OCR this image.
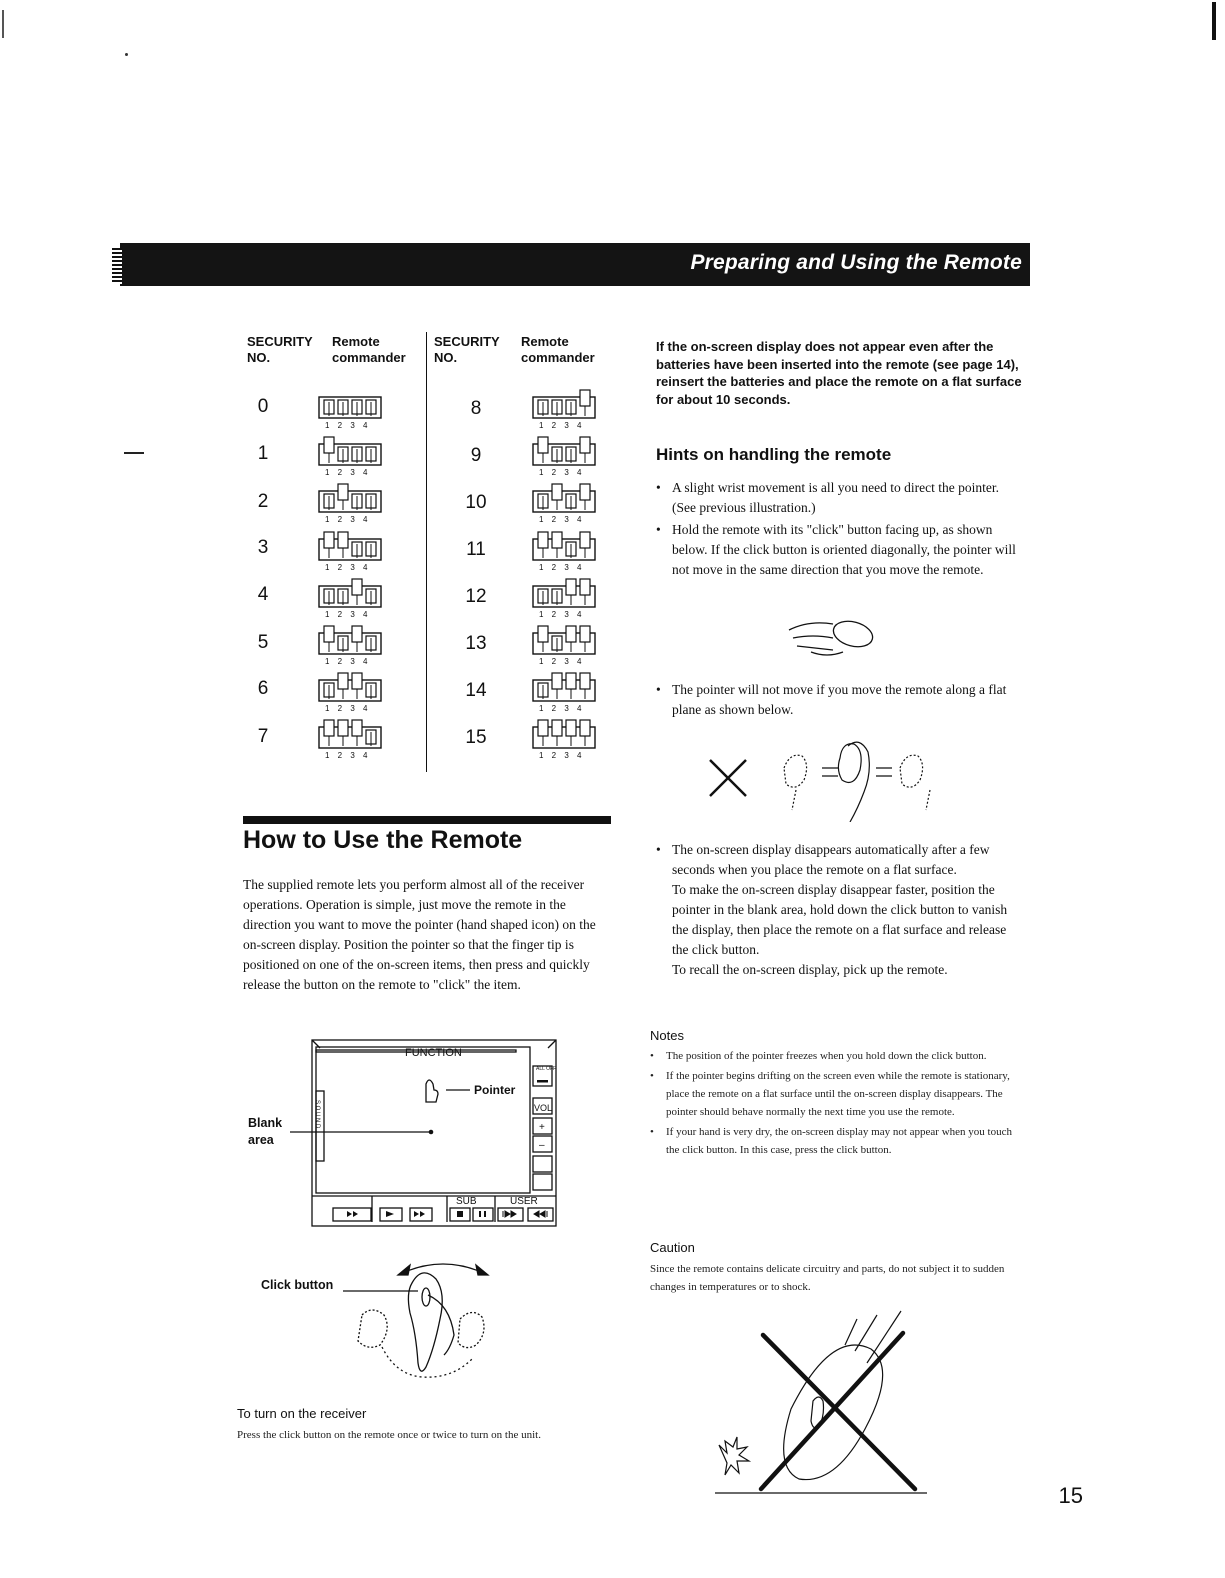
Preparing and Using the Remote
SECURITY
NO.
Remote
commander
SECURITY
NO.
Remote
commander
0
1
2
3
4
5
6
7
8
9
10
11
12
13
14
15
1 2 3 4
1 2 3 4
1 2 3 4
1 2 3 4
1 2 3 4
1 2 3 4
1 2 3 4
1 2 3 4
1 2 3 4
1 2 3 4
1 2 3 4
1 2 3 4
1 2 3 4
1 2 3 4
1 2 3 4
1 2 3 4
How to Use the Remote
The supplied remote lets you perform almost all of the receiver operations. Operation is simple, just move the remote in the direction you want to move the pointer (hand shaped icon) on the on-screen display. Position the pointer so that the finger tip is positioned on one of the on-screen items, then press and quickly release the button on the remote to "click" the item.
FUNCTION
Pointer
ALL OFF
VOL
+
–
SUB	USER
S O U N D
Blank
area
Click button
To turn on the receiver
Press the click button on the remote once or twice to turn on the unit.
If the on-screen display does not appear even after the batteries have been inserted into the remote (see page 14), reinsert the batteries and place the remote on a flat surface for about 10 seconds.
Hints on handling the remote
• A slight wrist movement is all you need to direct the pointer. (See previous illustration.)
• Hold the remote with its "click" button facing up, as shown below. If the click button is oriented diagonally, the pointer will not move in the same direction that you move the remote.
• The pointer will not move if you move the remote along a flat plane as shown below.
• The on-screen display disappears automatically after a few seconds when you place the remote on a flat surface.
To make the on-screen display disappear faster, position the pointer in the blank area, hold down the click button to vanish the display, then place the remote on a flat surface and release the click button.
To recall the on-screen display, pick up the remote.
Notes
• The position of the pointer freezes when you hold down the click button.
• If the pointer begins drifting on the screen even while the remote is stationary, place the remote on a flat surface until the on-screen display disappears. The pointer should behave normally the next time you use the remote.
• If your hand is very dry, the on-screen display may not appear when you touch the click button. In this case, press the click button.
Caution
Since the remote contains delicate circuitry and parts, do not subject it to sudden changes in temperatures or to shock.
15
